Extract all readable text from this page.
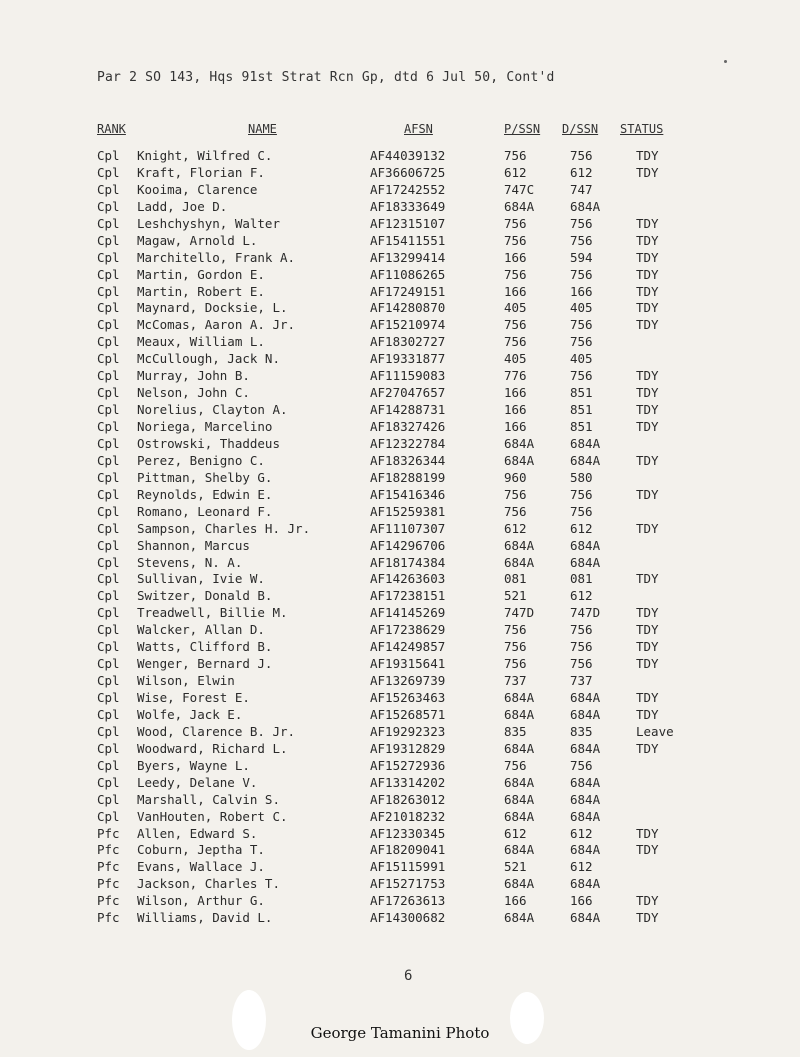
Par 2 SO 143, Hqs 91st Strat Rcn Gp, dtd 6 Jul 50, Cont'd
RANK	NAME	AFSN	P/SSN D/SSN STATUS
Cpl Knight, Wilfred C.	AF44039132	756	756	TDY
Cpl Kraft, Florian F.	AF36606725	612	612	TDY
Cpl Kooima, Clarence	AF17242552	747C	747
Cpl Ladd, Joe D.	AF18333649	684A	684A
Cpl Leshchyshyn, Walter	AF12315107	756	756	TDY
Cpl Magaw, Arnold L.	AF15411551	756	756	TDY
Cpl Marchitello, Frank A.	AF13299414	166	594	TDY
Cpl Martin, Gordon E.	AF11086265	756	756	TDY
Cpl Martin, Robert E.	AF17249151	166	166	TDY
Cpl Maynard, Docksie, L.	AF14280870	405	405	TDY
Cpl McComas, Aaron A. Jr.	AF15210974	756	756	TDY
Cpl Meaux, William L.	AF18302727	756	756
Cpl McCullough, Jack N.	AF19331877	405	405
Cpl Murray, John B.	AF11159083	776	756	TDY
Cpl Nelson, John C.	AF27047657	166	851	TDY
Cpl Norelius, Clayton A.	AF14288731	166	851	TDY
Cpl Noriega, Marcelino	AF18327426	166	851	TDY
Cpl Ostrowski, Thaddeus	AF12322784	684A	684A
Cpl Perez, Benigno C.	AF18326344	684A	684A	TDY
Cpl Pittman, Shelby G.	AF18288199	960	580
Cpl Reynolds, Edwin E.	AF15416346	756	756	TDY
Cpl Romano, Leonard F.	AF15259381	756	756
Cpl Sampson, Charles H. Jr.	AF11107307	612	612	TDY
Cpl Shannon, Marcus	AF14296706	684A	684A
Cpl Stevens, N. A.	AF18174384	684A	684A
Cpl Sullivan, Ivie W.	AF14263603	081	081	TDY
Cpl Switzer, Donald B.	AF17238151	521	612
Cpl Treadwell, Billie M.	AF14145269	747D	747D	TDY
Cpl Walcker, Allan D.	AF17238629	756	756	TDY
Cpl Watts, Clifford B.	AF14249857	756	756	TDY
Cpl Wenger, Bernard J.	AF19315641	756	756	TDY
Cpl Wilson, Elwin	AF13269739	737	737
Cpl Wise, Forest E.	AF15263463	684A	684A	TDY
Cpl Wolfe, Jack E.	AF15268571	684A	684A	TDY
Cpl Wood, Clarence B. Jr.	AF19292323	835	835	Leave
Cpl Woodward, Richard L.	AF19312829	684A	684A	TDY
Cpl Byers, Wayne L.	AF15272936	756	756
Cpl Leedy, Delane V.	AF13314202	684A	684A
Cpl Marshall, Calvin S.	AF18263012	684A	684A
Cpl VanHouten, Robert C.	AF21018232	684A	684A
Pfc Allen, Edward S.	AF12330345	612	612	TDY
Pfc Coburn, Jeptha T.	AF18209041	684A	684A	TDY
Pfc Evans, Wallace J.	AF15115991	521	612
Pfc Jackson, Charles T.	AF15271753	684A	684A
Pfc Wilson, Arthur G.	AF17263613	166	166	TDY
Pfc Williams, David L.	AF14300682	684A	684A	TDY
6
George Tamanini Photo
